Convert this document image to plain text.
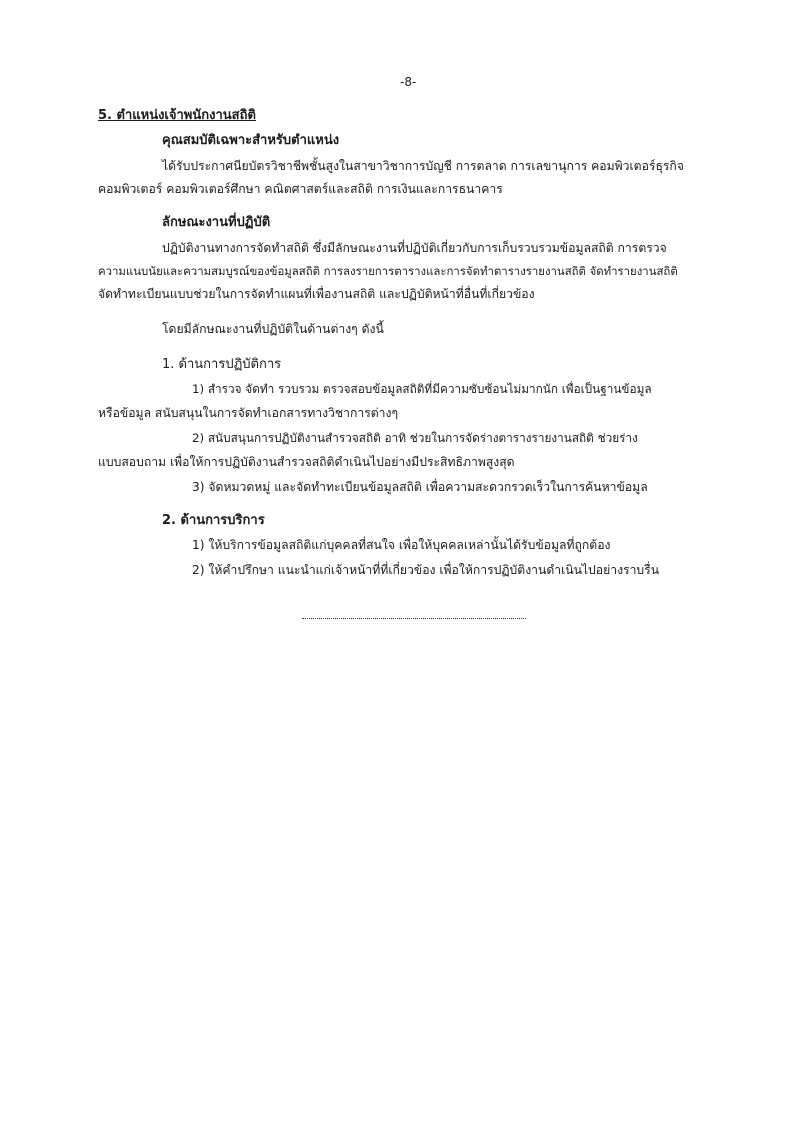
-8-
5. ตำแหน่งเจ้าพนักงานสถิติ
คุณสมบัติเฉพาะสำหรับตำแหน่ง
ได้รับประกาศนียบัตรวิชาชีพชั้นสูงในสาขาวิชาการบัญชี การตลาด การเลขานุการ คอมพิวเตอร์ธุรกิจ
คอมพิวเตอร์ คอมพิวเตอร์ศึกษา คณิตศาสตร์และสถิติ การเงินและการธนาคาร
ลักษณะงานที่ปฏิบัติ
ปฏิบัติงานทางการจัดทำสถิติ ซึ่งมีลักษณะงานที่ปฏิบัติเกี่ยวกับการเก็บรวบรวมข้อมูลสถิติ การตรวจ
ความแนบนัยและความสมบูรณ์ของข้อมูลสถิติ การลงรายการตารางและการจัดทำตารางรายงานสถิติ จัดทำรายงานสถิติ
จัดทำทะเบียนแบบช่วยในการจัดทำแผนที่เพื่องานสถิติ และปฏิบัติหน้าที่อื่นที่เกี่ยวข้อง
โดยมีลักษณะงานที่ปฏิบัติในด้านต่างๆ ดังนี้
1. ด้านการปฏิบัติการ
1) สำรวจ จัดทำ รวบรวม ตรวจสอบข้อมูลสถิติที่มีความซับซ้อนไม่มากนัก เพื่อเป็นฐานข้อมูล
หรือข้อมูล สนับสนุนในการจัดทำเอกสารทางวิชาการต่างๆ
2) สนับสนุนการปฏิบัติงานสำรวจสถิติ อาทิ ช่วยในการจัดร่างตารางรายงานสถิติ ช่วยร่าง
แบบสอบถาม เพื่อให้การปฏิบัติงานสำรวจสถิติดำเนินไปอย่างมีประสิทธิภาพสูงสุด
3) จัดหมวดหมู่ และจัดทำทะเบียนข้อมูลสถิติ เพื่อความสะดวกรวดเร็วในการค้นหาข้อมูล
2. ด้านการบริการ
1) ให้บริการข้อมูลสถิติแก่บุคคลที่สนใจ เพื่อให้บุคคลเหล่านั้นได้รับข้อมูลที่ถูกต้อง
2) ให้คำปรึกษา แนะนำแก่เจ้าหน้าที่ที่เกี่ยวข้อง เพื่อให้การปฏิบัติงานดำเนินไปอย่างราบรื่น
